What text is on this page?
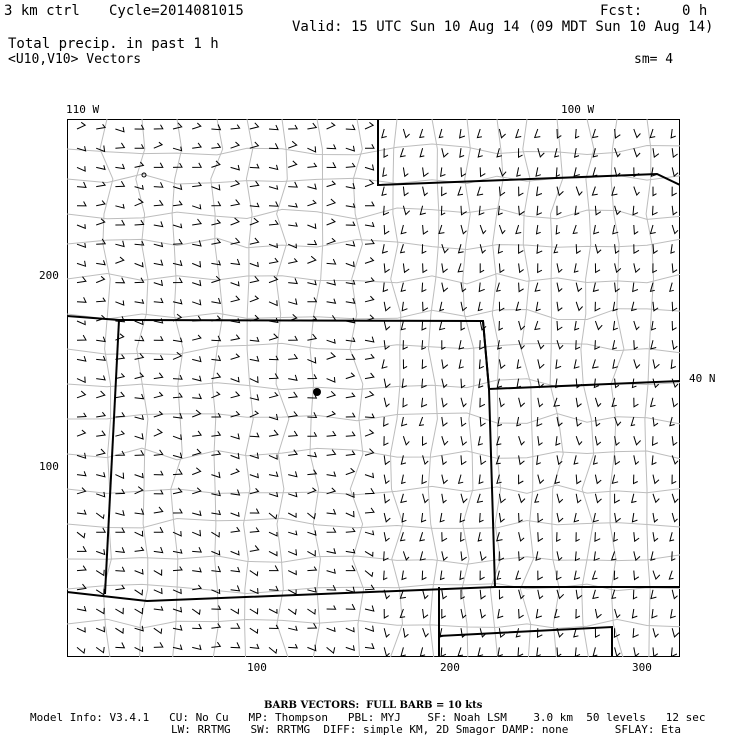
3 km ctrl Cycle=2014081015	Fcst:	0 h
Valid: 15 UTC Sun 10 Aug 14 (09 MDT Sun 10 Aug 14)
Total precip. in past 1 h
<U10,V10> Vectors	sm= 4
110 W	100 W
40 N
200
100
100	200	300
BARB VECTORS:  FULL BARB = 10 kts
Model Info: V3.4.1   CU: No Cu   MP: Thompson   PBL: MYJ    SF: Noah LSM    3.0 km  50 levels   12 sec
LW: RRTMG   SW: RRTMG  DIFF: simple KM, 2D Smagor DAMP: none       SFLAY: Eta
